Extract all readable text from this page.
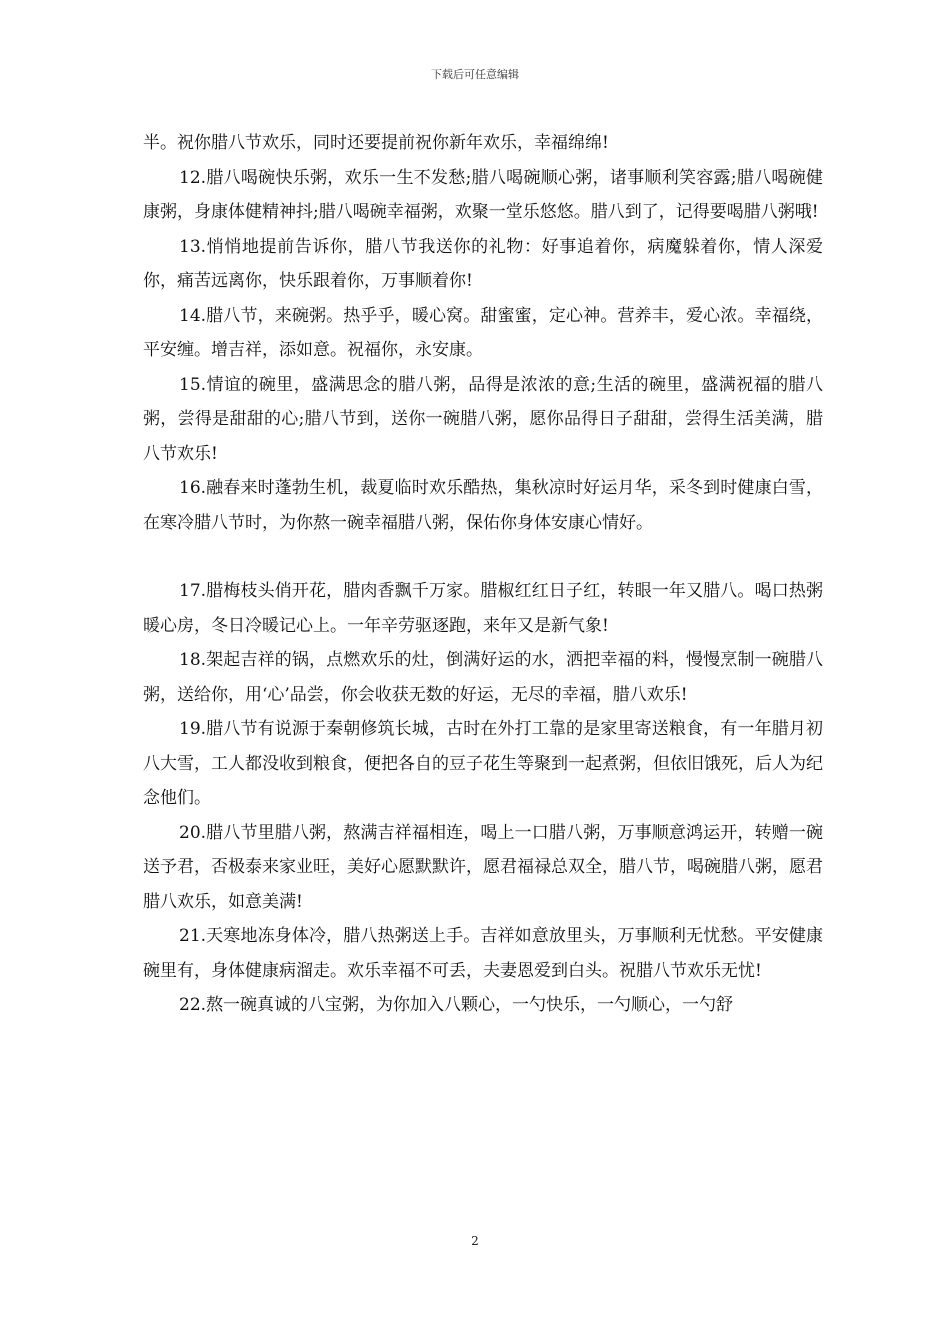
下载后可任意编辑

半。祝你腊八节欢乐，同时还要提前祝你新年欢乐，幸福绵绵!

12.腊八喝碗快乐粥，欢乐一生不发愁;腊八喝碗顺心粥，诸事顺利笑容露;腊八喝碗健康粥，身康体健精神抖;腊八喝碗幸福粥，欢聚一堂乐悠悠。腊八到了，记得要喝腊八粥哦!

13.悄悄地提前告诉你，腊八节我送你的礼物：好事追着你，病魔躲着你，情人深爱你，痛苦远离你，快乐跟着你，万事顺着你!

14.腊八节，来碗粥。热乎乎，暖心窝。甜蜜蜜，定心神。营养丰，爱心浓。幸福绕，平安缠。增吉祥，添如意。祝福你，永安康。

15.情谊的碗里，盛满思念的腊八粥，品得是浓浓的意;生活的碗里，盛满祝福的腊八粥，尝得是甜甜的心;腊八节到，送你一碗腊八粥，愿你品得日子甜甜，尝得生活美满，腊八节欢乐!

16.融春来时蓬勃生机，裁夏临时欢乐酷热，集秋凉时好运月华，采冬到时健康白雪，在寒冷腊八节时，为你熬一碗幸福腊八粥，保佑你身体安康心情好。

17.腊梅枝头俏开花，腊肉香飘千万家。腊椒红红日子红，转眼一年又腊八。喝口热粥暖心房，冬日冷暖记心上。一年辛劳驱逐跑，来年又是新气象!

18.架起吉祥的锅，点燃欢乐的灶，倒满好运的水，洒把幸福的料，慢慢烹制一碗腊八粥，送给你，用‘心’品尝，你会收获无数的好运，无尽的幸福，腊八欢乐!

19.腊八节有说源于秦朝修筑长城，古时在外打工靠的是家里寄送粮食，有一年腊月初八大雪，工人都没收到粮食，便把各自的豆子花生等聚到一起煮粥，但依旧饿死，后人为纪念他们。

20.腊八节里腊八粥，熬满吉祥福相连，喝上一口腊八粥，万事顺意鸿运开，转赠一碗送予君，否极泰来家业旺，美好心愿默默许，愿君福禄总双全，腊八节，喝碗腊八粥，愿君腊八欢乐，如意美满!

21.天寒地冻身体冷，腊八热粥送上手。吉祥如意放里头，万事顺利无忧愁。平安健康碗里有，身体健康病溜走。欢乐幸福不可丢，夫妻恩爱到白头。祝腊八节欢乐无忧!

22.熬一碗真诚的八宝粥，为你加入八颗心，一勺快乐，一勺顺心，一勺舒

2
